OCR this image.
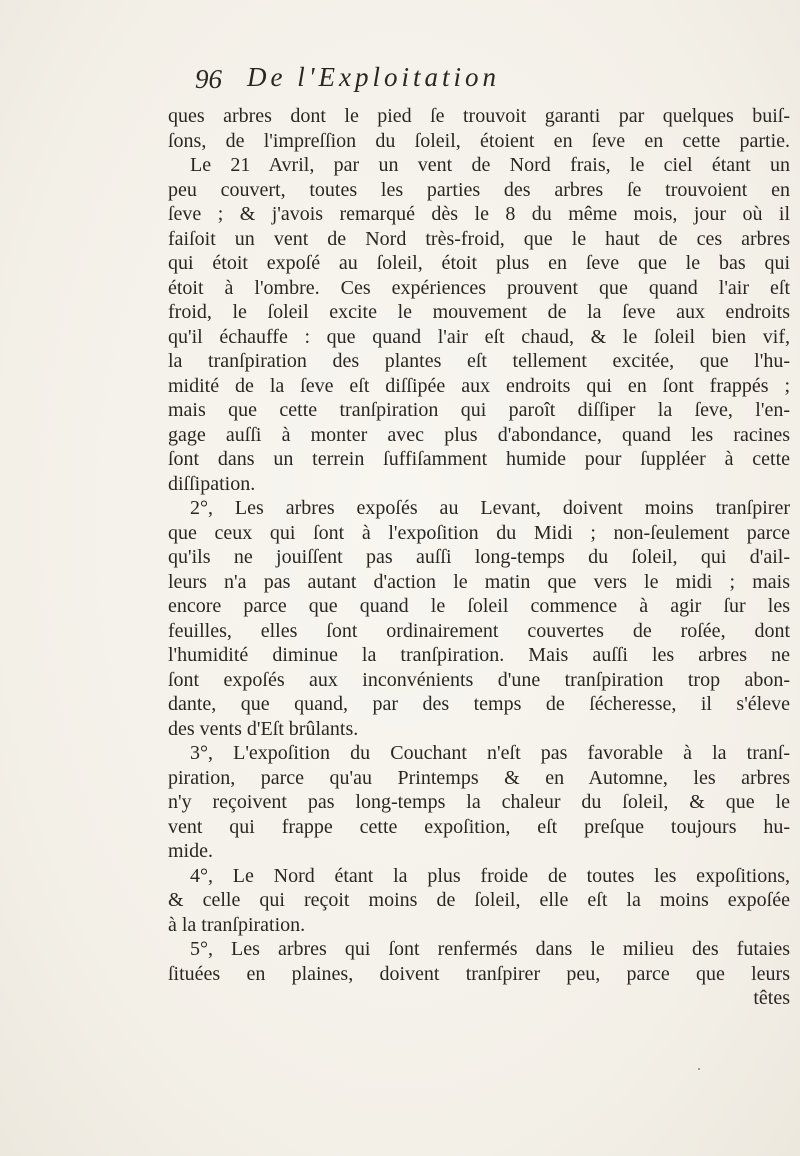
96 De l'Exploitation
ques arbres dont le pied ſe trouvoit garanti par quelques buiſ-
ſons, de l'impreſſion du ſoleil, étoient en ſeve en cette partie.
Le 21 Avril, par un vent de Nord frais, le ciel étant un
peu couvert, toutes les parties des arbres ſe trouvoient en
ſeve ; & j'avois remarqué dès le 8 du même mois, jour où il
faiſoit un vent de Nord très-froid, que le haut de ces arbres
qui étoit expoſé au ſoleil, étoit plus en ſeve que le bas qui
étoit à l'ombre. Ces expériences prouvent que quand l'air eſt
froid, le ſoleil excite le mouvement de la ſeve aux endroits
qu'il échauffe : que quand l'air eſt chaud, & le ſoleil bien vif,
la tranſpiration des plantes eſt tellement excitée, que l'hu-
midité de la ſeve eſt diſſipée aux endroits qui en ſont frappés ;
mais que cette tranſpiration qui paroît diſſiper la ſeve, l'en-
gage auſſi à monter avec plus d'abondance, quand les racines
ſont dans un terrein ſuffiſamment humide pour ſuppléer à cette
diſſipation.
2°, Les arbres expoſés au Levant, doivent moins tranſpirer
que ceux qui ſont à l'expoſition du Midi ; non-ſeulement parce
qu'ils ne jouiſſent pas auſſi long-temps du ſoleil, qui d'ail-
leurs n'a pas autant d'action le matin que vers le midi ; mais
encore parce que quand le ſoleil commence à agir ſur les
feuilles, elles ſont ordinairement couvertes de roſée, dont
l'humidité diminue la tranſpiration. Mais auſſi les arbres ne
ſont expoſés aux inconvénients d'une tranſpiration trop abon-
dante, que quand, par des temps de ſécheresse, il s'éleve
des vents d'Eſt brûlants.
3°, L'expoſition du Couchant n'eſt pas favorable à la tranſ-
piration, parce qu'au Printemps & en Automne, les arbres
n'y reçoivent pas long-temps la chaleur du ſoleil, & que le
vent qui frappe cette expoſition, eſt preſque toujours hu-
mide.
4°, Le Nord étant la plus froide de toutes les expoſitions,
& celle qui reçoit moins de ſoleil, elle eſt la moins expoſée
à la tranſpiration.
5°, Les arbres qui ſont renfermés dans le milieu des futaies
ſituées en plaines, doivent tranſpirer peu, parce que leurs
têtes
